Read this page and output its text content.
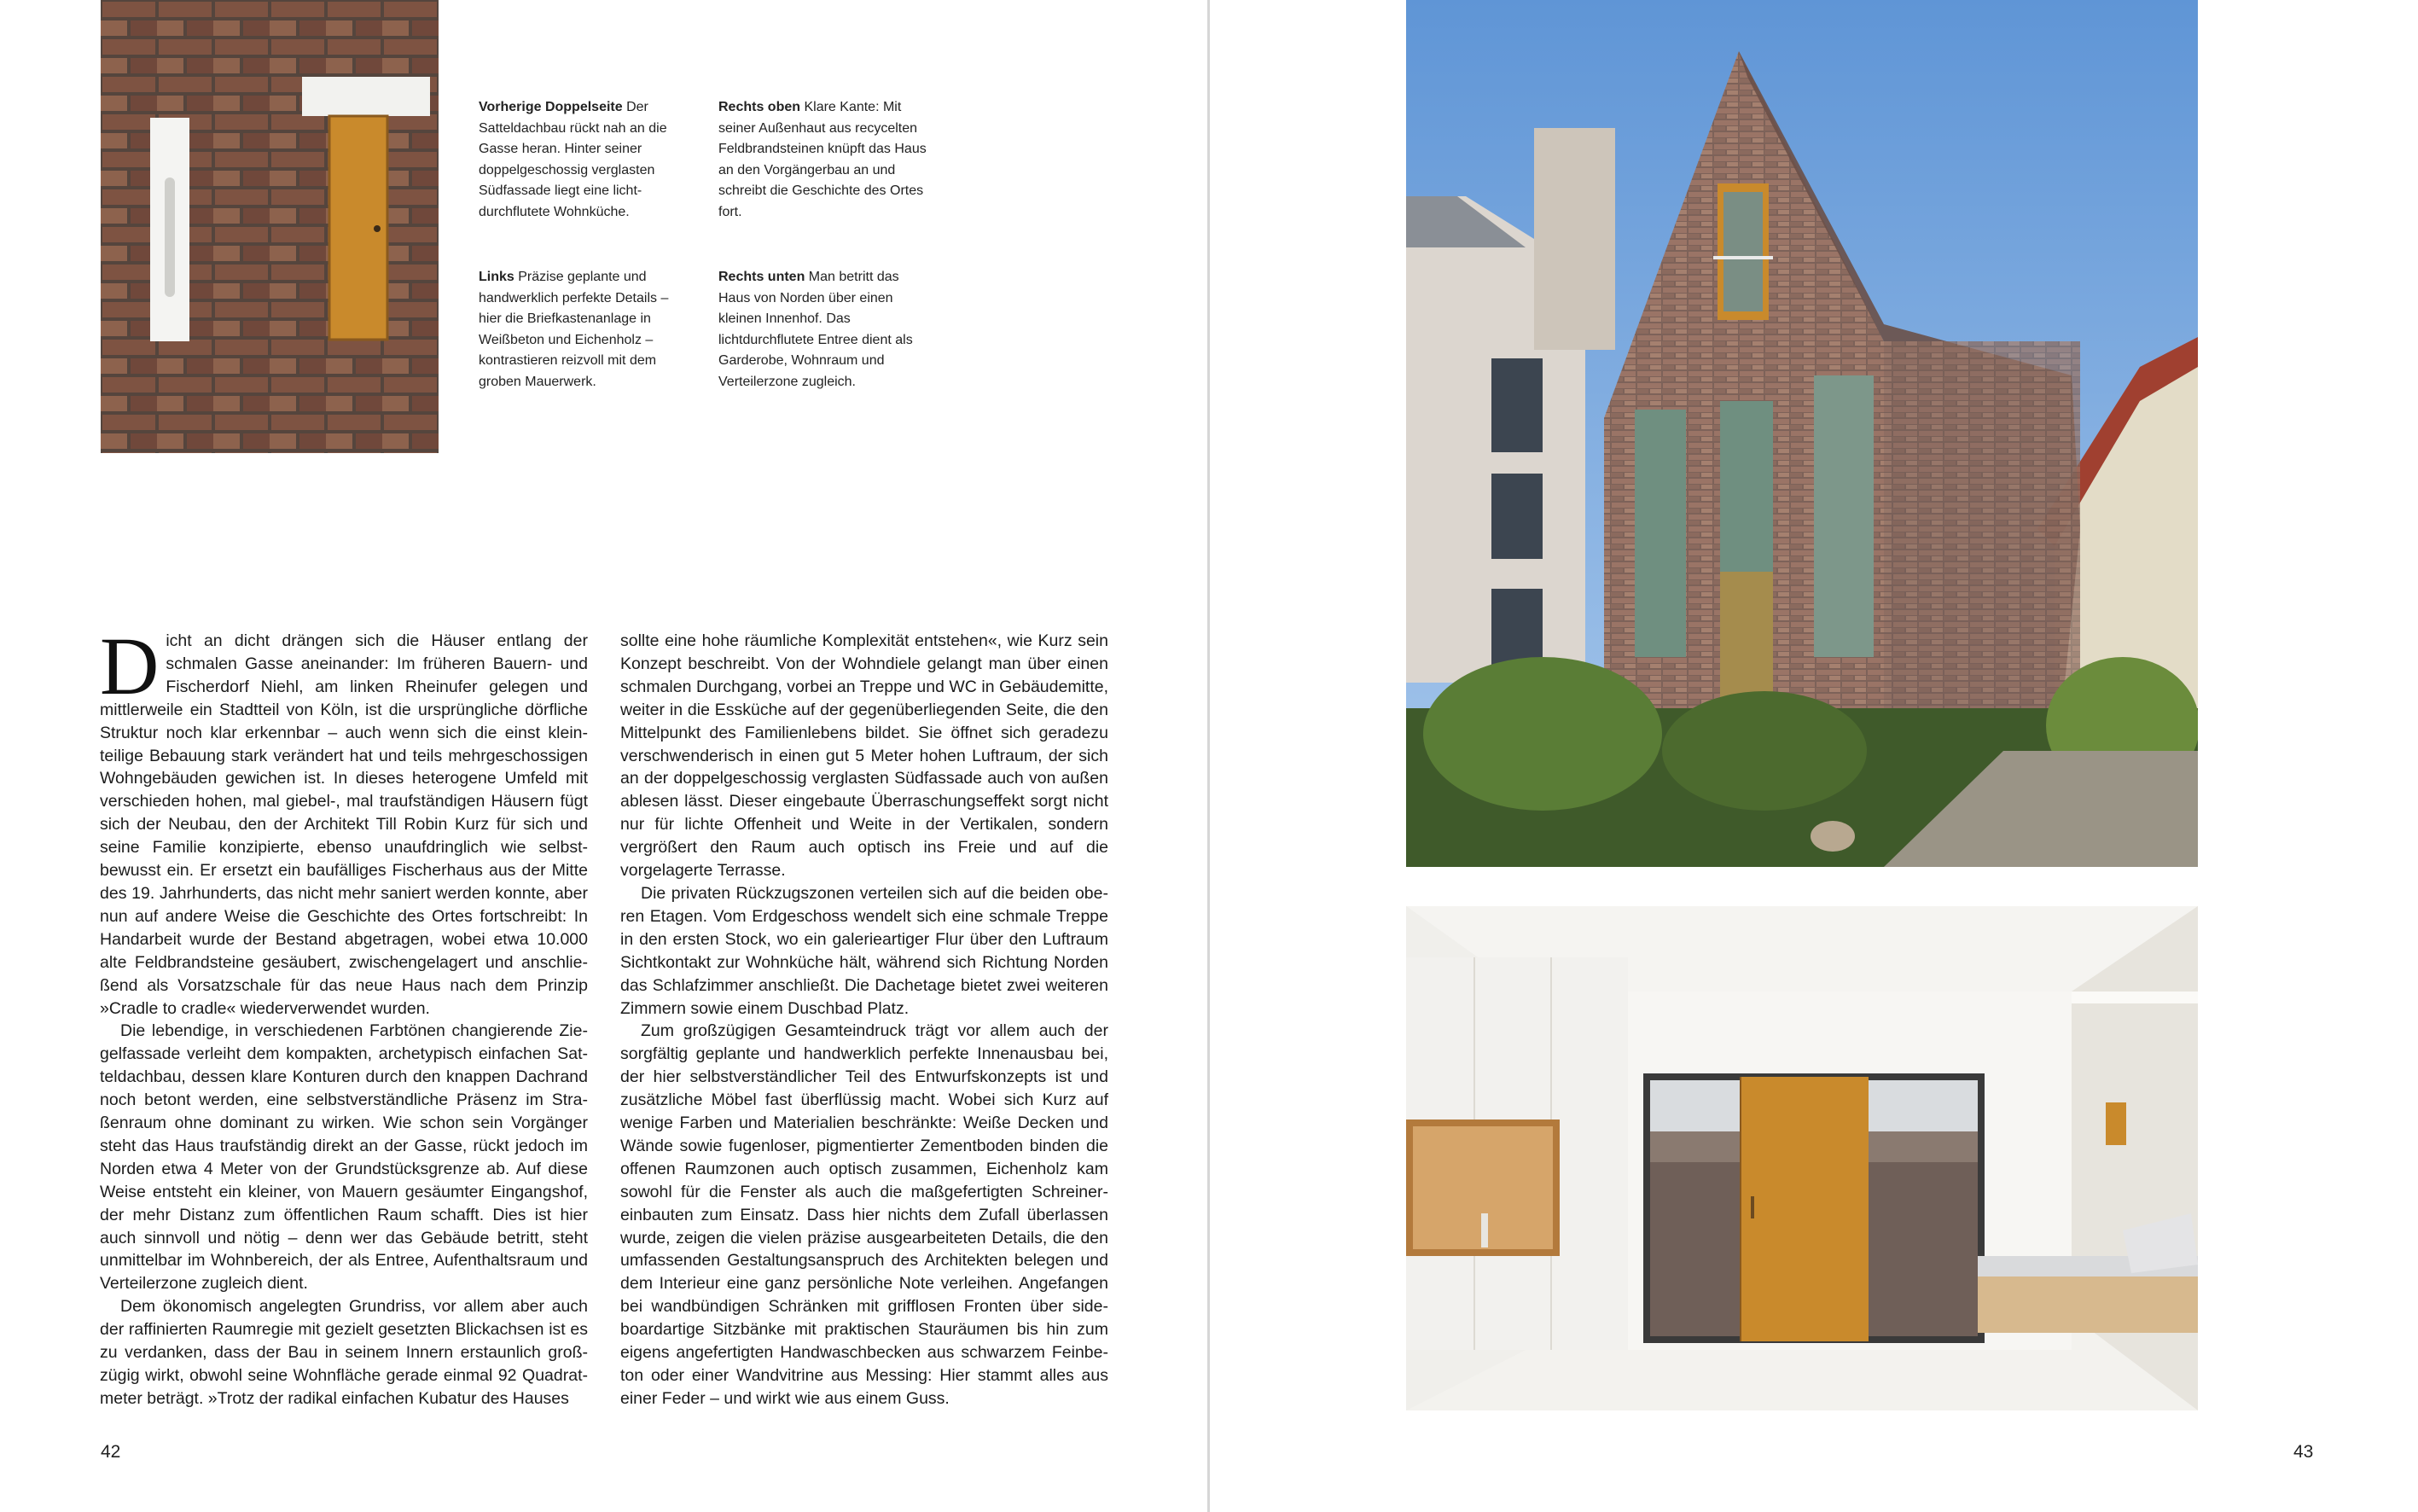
Vorherige Doppelseite Der Satteldachbau rückt nah an die Gasse heran. Hinter seiner doppelgeschossig verglasten Südfassade liegt eine lichtdurchflutete Wohnküche.
Rechts oben Klare Kante: Mit seiner Außenhaut aus recycelten Feldbrandsteinen knüpft das Haus an den Vorgängerbau an und schreibt die Geschichte des Ortes fort.
Links Präzise geplante und handwerklich perfekte Details – hier die Briefkastenanlage in Weißbeton und Eichenholz – kontrastieren reizvoll mit dem groben Mauerwerk.
Rechts unten Man betritt das Haus von Norden über einen kleinen Innenhof. Das lichtdurchflutete Entree dient als Garderobe, Wohnraum und Verteilerzone zugleich.

Dicht an dicht drängen sich die Häuser entlang der schmalen Gasse aneinander: Im früheren Bauern- und Fischerdorf Niehl, am linken Rheinufer gelegen und mittlerweile ein Stadtteil von Köln, ist die ursprüngliche dörfliche Struktur noch klar erkennbar – auch wenn sich die einst kleinteilige Bebauung stark verändert hat und teils mehrgeschossigen Wohngebäuden gewichen ist. In dieses heterogene Umfeld mit verschieden hohen, mal giebel-, mal traufständigen Häusern fügt sich der Neubau, den der Architekt Till Robin Kurz für sich und seine Familie konzipierte, ebenso unaufdringlich wie selbstbewusst ein. Er ersetzt ein baufälliges Fischerhaus aus der Mitte des 19. Jahrhunderts, das nicht mehr saniert werden konnte, aber nun auf andere Weise die Geschichte des Ortes fortschreibt: In Handarbeit wurde der Bestand abgetragen, wobei etwa 10.000 alte Feldbrandsteine gesäubert, zwischengelagert und anschließend als Vorsatzschale für das neue Haus nach dem Prinzip »Cradle to cradle« wiederverwendet wurden.

Die lebendige, in verschiedenen Farbtönen changierende Ziegelfassade verleiht dem kompakten, archetypisch einfachen Satteldachbau, dessen klare Konturen durch den knappen Dachrand noch betont werden, eine selbstverständliche Präsenz im Straßenraum ohne dominant zu wirken. Wie schon sein Vorgänger steht das Haus traufständig direkt an der Gasse, rückt jedoch im Norden etwa 4 Meter von der Grundstücksgrenze ab. Auf diese Weise entsteht ein kleiner, von Mauern gesäumter Eingangshof, der mehr Distanz zum öffentlichen Raum schafft. Dies ist hier auch sinnvoll und nötig – denn wer das Gebäude betritt, steht unmittelbar im Wohnbereich, der als Entree, Aufenthaltsraum und Verteilerzone zugleich dient.

Dem ökonomisch angelegten Grundriss, vor allem aber auch der raffinierten Raumregie mit gezielt gesetzten Blickachsen ist es zu verdanken, dass der Bau in seinem Innern erstaunlich großzügig wirkt, obwohl seine Wohnfläche gerade einmal 92 Quadratmeter beträgt. »Trotz der radikal einfachen Kubatur des Hauses

sollte eine hohe räumliche Komplexität entstehen«, wie Kurz sein Konzept beschreibt. Von der Wohndiele gelangt man über einen schmalen Durchgang, vorbei an Treppe und WC in Gebäudemitte, weiter in die Essküche auf der gegenüberliegenden Seite, die den Mittelpunkt des Familienlebens bildet. Sie öffnet sich geradezu verschwenderisch in einen gut 5 Meter hohen Luftraum, der sich an der doppelgeschossig verglasten Südfassade auch von außen ablesen lässt. Dieser eingebaute Überraschungseffekt sorgt nicht nur für lichte Offenheit und Weite in der Vertikalen, sondern vergrößert den Raum auch optisch ins Freie und auf die vorgelagerte Terrasse.

Die privaten Rückzugszonen verteilen sich auf die beiden oberen Etagen. Vom Erdgeschoss wendelt sich eine schmale Treppe in den ersten Stock, wo ein galerieartiger Flur über den Luftraum Sichtkontakt zur Wohnküche hält, während sich Richtung Norden das Schlafzimmer anschließt. Die Dachetage bietet zwei weiteren Zimmern sowie einem Duschbad Platz.

Zum großzügigen Gesamteindruck trägt vor allem auch der sorgfältig geplante und handwerklich perfekte Innenausbau bei, der hier selbstverständlicher Teil des Entwurfskonzepts ist und zusätzliche Möbel fast überflüssig macht. Wobei sich Kurz auf wenige Farben und Materialien beschränkte: Weiße Decken und Wände sowie fugenloser, pigmentierter Zementboden binden die offenen Raumzonen auch optisch zusammen, Eichenholz kam sowohl für die Fenster als auch die maßgefertigten Schreinereinbauten zum Einsatz. Dass hier nichts dem Zufall überlassen wurde, zeigen die vielen präzise ausgearbeiteten Details, die den umfassenden Gestaltungsanspruch des Architekten belegen und dem Interieur eine ganz persönliche Note verleihen. Angefangen bei wandbündigen Schränken mit grifflosen Fronten über sideboardartige Sitzbänke mit praktischen Stauräumen bis hin zum eigens angefertigten Handwaschbecken aus schwarzem Feinbeton oder einer Wandvitrine aus Messing: Hier stammt alles aus einer Feder – und wirkt wie aus einem Guss.

42	43
